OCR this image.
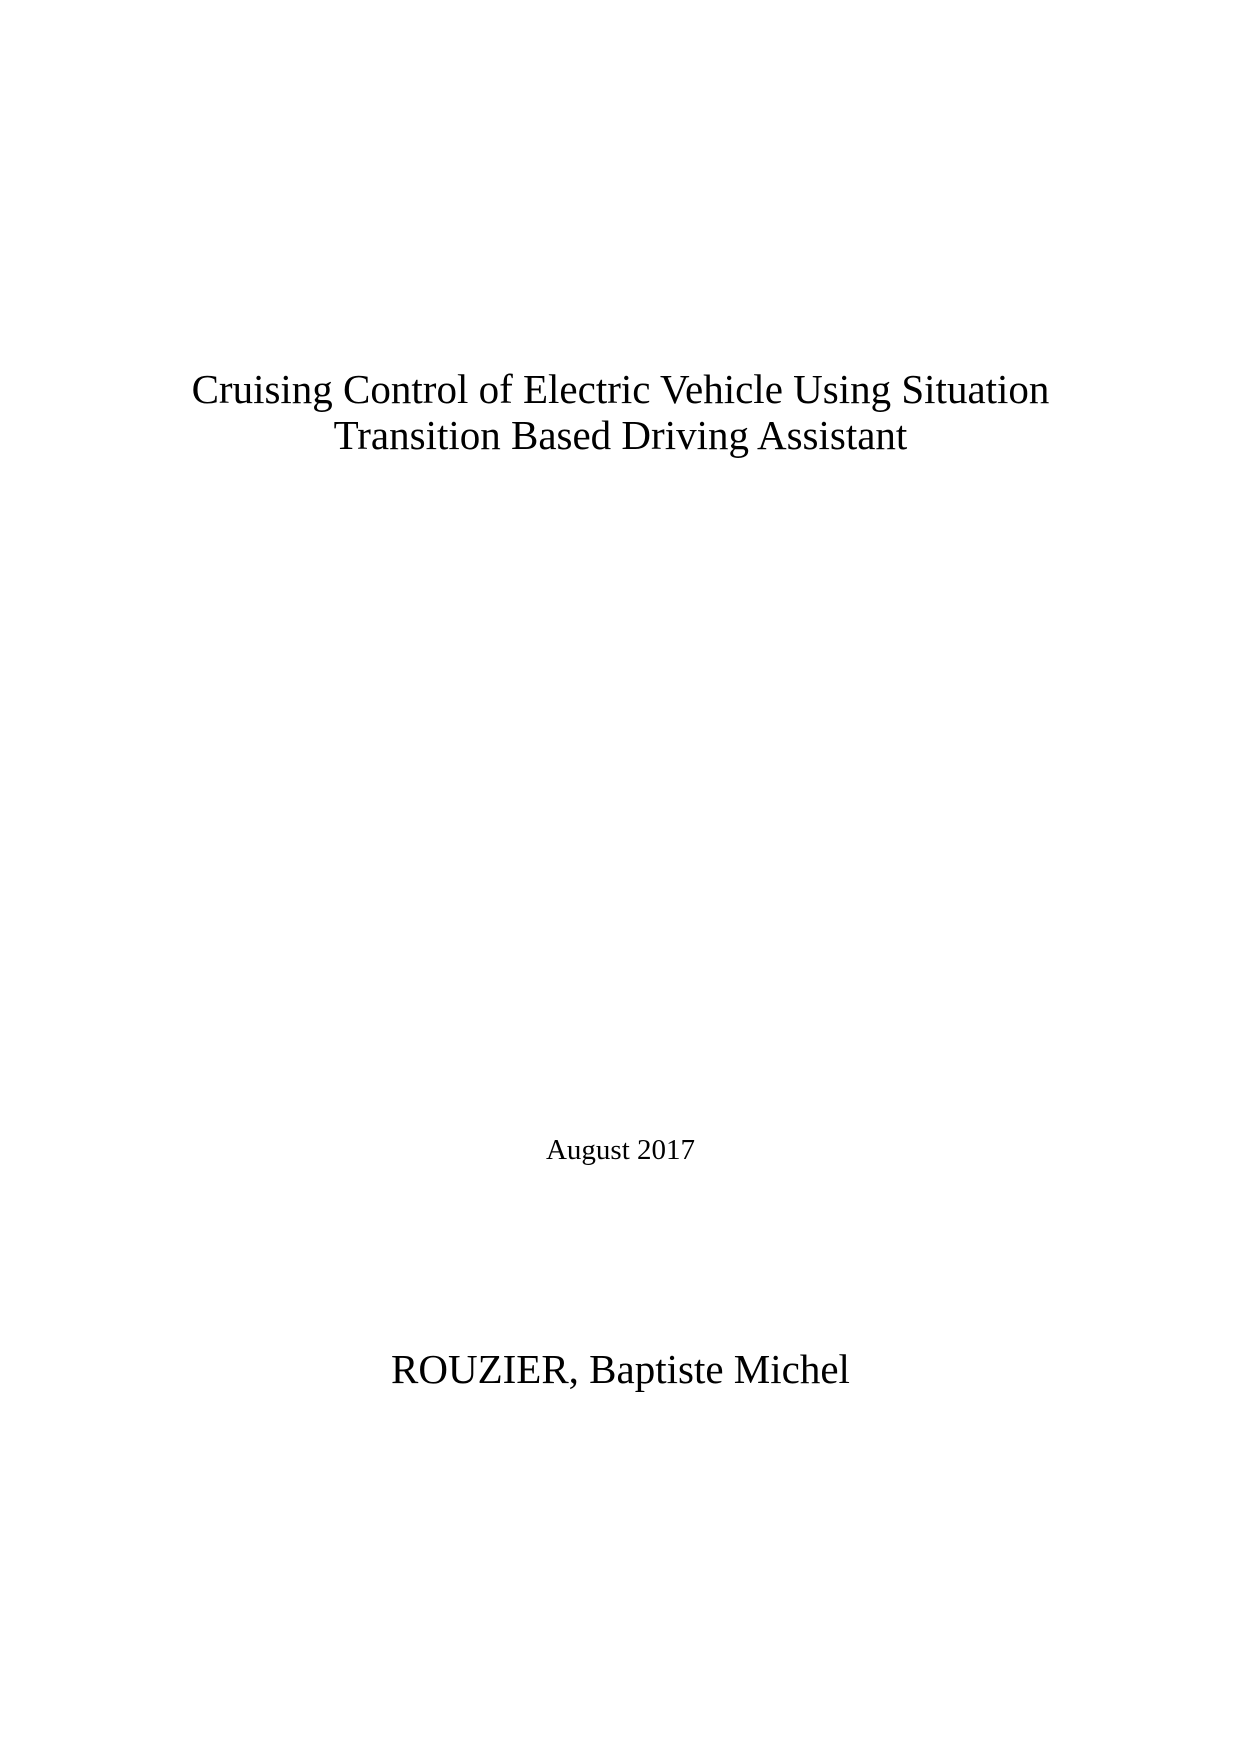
Cruising Control of Electric Vehicle Using Situation
Transition Based Driving Assistant
August 2017
ROUZIER, Baptiste Michel
